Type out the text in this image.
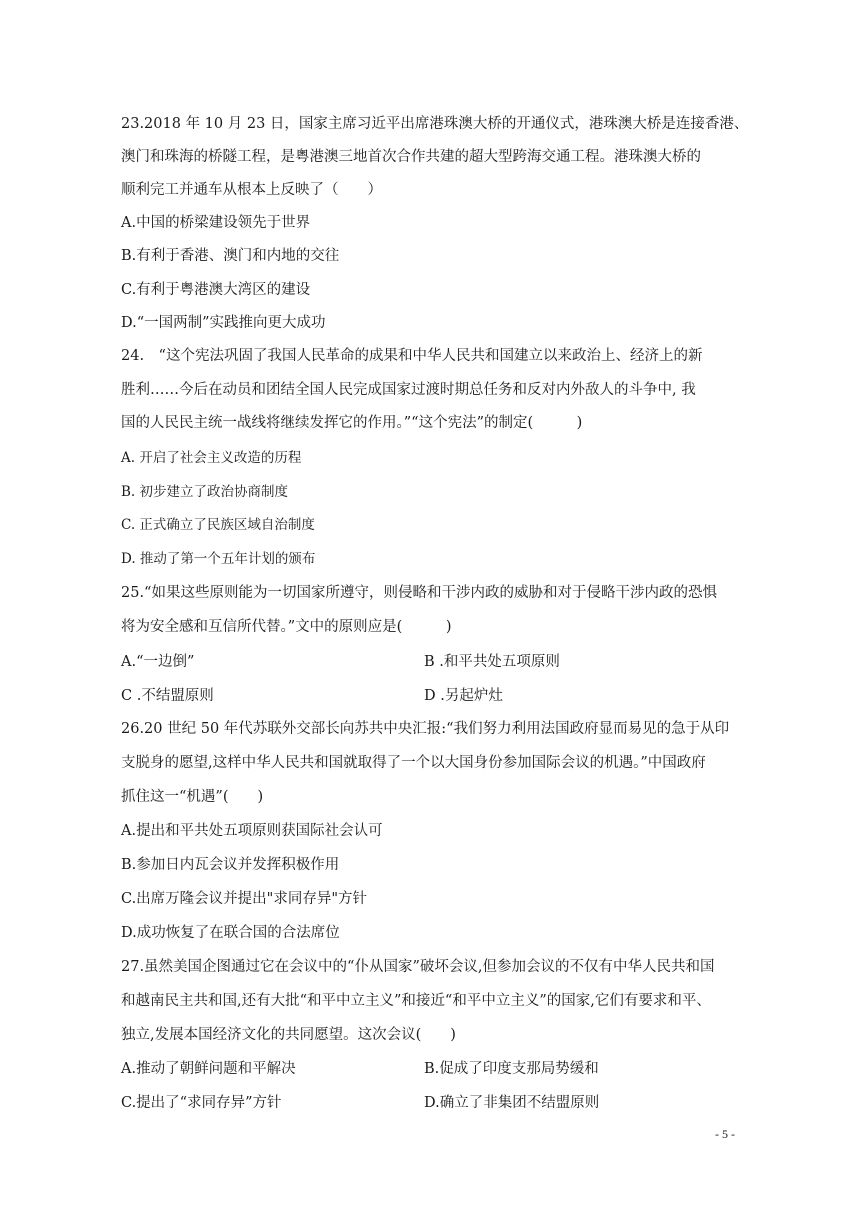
23.2018 年 10 月 23 日，国家主席习近平出席港珠澳大桥的开通仪式，港珠澳大桥是连接香港、
澳门和珠海的桥隧工程，是粤港澳三地首次合作共建的超大型跨海交通工程。港珠澳大桥的
顺利完工并通车从根本上反映了（　　）
A.中国的桥梁建设领先于世界
B.有利于香港、澳门和内地的交往
C.有利于粤港澳大湾区的建设
D.“一国两制”实践推向更大成功
24.　“这个宪法巩固了我国人民革命的成果和中华人民共和国建立以来政治上、经济上的新
胜利……今后在动员和团结全国人民完成国家过渡时期总任务和反对内外敌人的斗争中, 我
国的人民民主统一战线将继续发挥它的作用。”“这个宪法”的制定(　　　)
A. 开启了社会主义改造的历程
B. 初步建立了政治协商制度
C. 正式确立了民族区域自治制度
D. 推动了第一个五年计划的颁布
25.“如果这些原则能为一切国家所遵守，则侵略和干涉内政的威胁和对于侵略干涉内政的恐惧
将为安全感和互信所代替。”文中的原则应是(　　　)
A.“一边倒”	B .和平共处五项原则
C .不结盟原则	D .另起炉灶
26.20 世纪 50 年代苏联外交部长向苏共中央汇报:“我们努力利用法国政府显而易见的急于从印
支脱身的愿望,这样中华人民共和国就取得了一个以大国身份参加国际会议的机遇。”中国政府
抓住这一“机遇”(　　)
A.提出和平共处五项原则获国际社会认可
B.参加日内瓦会议并发挥积极作用
C.出席万隆会议并提出"求同存异"方针
D.成功恢复了在联合国的合法席位
27.虽然美国企图通过它在会议中的“仆从国家”破坏会议,但参加会议的不仅有中华人民共和国
和越南民主共和国,还有大批“和平中立主义”和接近“和平中立主义”的国家,它们有要求和平、
独立,发展本国经济文化的共同愿望。这次会议(　　)
A.推动了朝鲜问题和平解决	B.促成了印度支那局势缓和
C.提出了“求同存异”方针	D.确立了非集团不结盟原则
- 5 -
